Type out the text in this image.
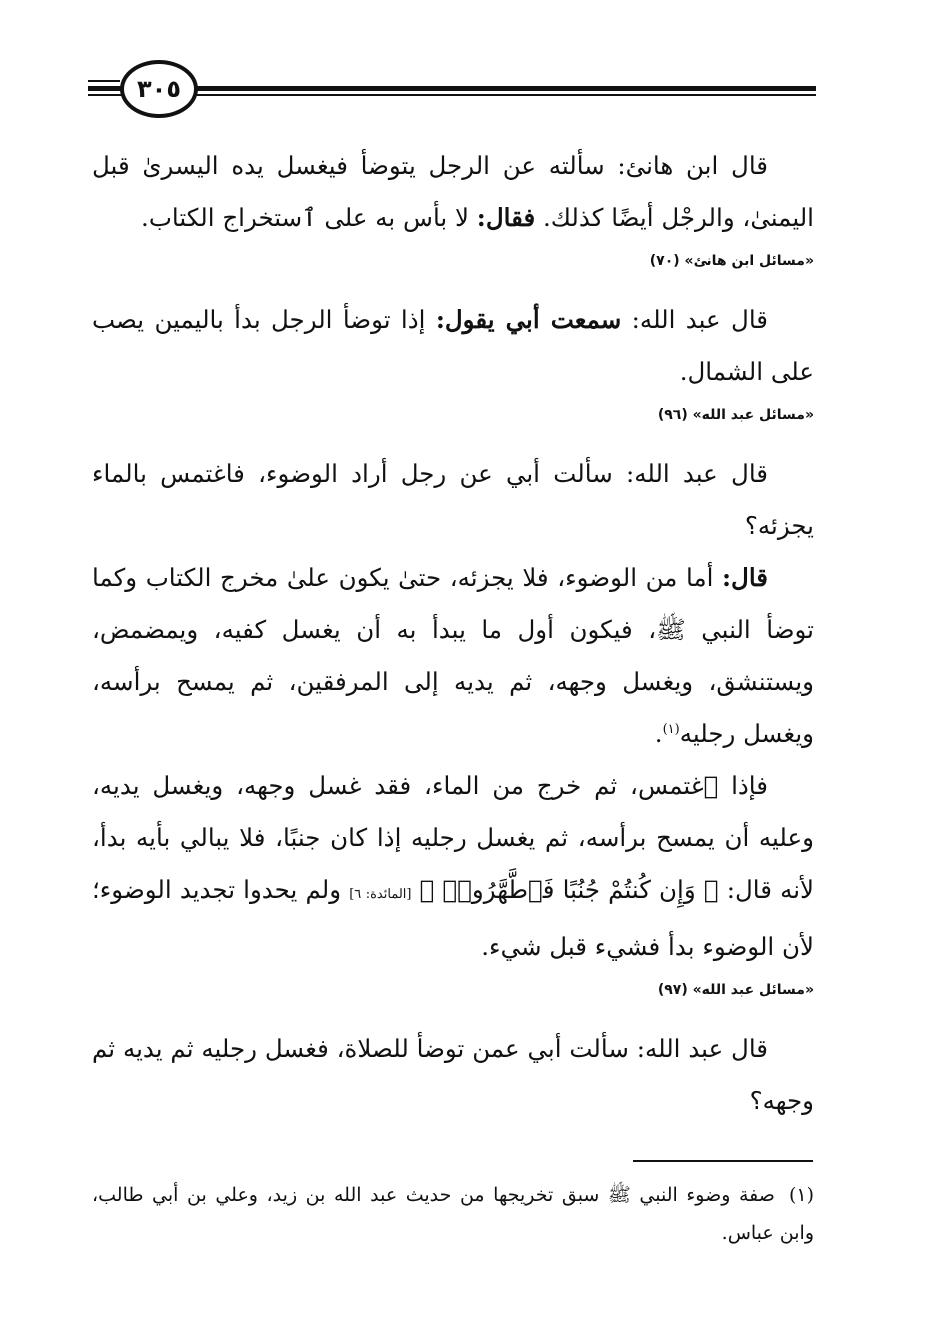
٣٠٥

قال ابن هانئ: سألته عن الرجل يتوضأ فيغسل يده اليسرىٰ قبل اليمنىٰ، والرجْل أيضًا كذلك. فقال: لا بأس به على ٱستخراج الكتاب.

«مسائل ابن هانئ» (٧٠)

قال عبد الله: سمعت أبي يقول: إذا توضأ الرجل بدأ باليمين يصب على الشمال.

«مسائل عبد الله» (٩٦)

قال عبد الله: سألت أبي عن رجل أراد الوضوء، فاغتمس بالماء يجزئه؟

قال: أما من الوضوء، فلا يجزئه، حتىٰ يكون علىٰ مخرج الكتاب وكما توضأ النبي ﷺ، فيكون أول ما يبدأ به أن يغسل كفيه، ويمضمض، ويستنشق، ويغسل وجهه، ثم يديه إلى المرفقين، ثم يمسح برأسه، ويغسل رجليه$^{(١)}$.

فإذا ٱغتمس، ثم خرج من الماء، فقد غسل وجهه، ويغسل يديه، وعليه أن يمسح برأسه، ثم يغسل رجليه إذا كان جنبًا، فلا يبالي بأيه بدأ، لأنه قال: ﴿ وَإِن كُنتُمْ جُنُبًا فَٱطَّهَّرُوا۟ ﴾ [المائدة: ٦] ولم يحدوا تجديد الوضوء؛ لأن الوضوء بدأ فشيء قبل شيء.

«مسائل عبد الله» (٩٧)

قال عبد الله: سألت أبي عمن توضأ للصلاة، فغسل رجليه ثم يديه ثم وجهه؟

(١)صفة وضوء النبي ﷺ سبق تخريجها من حديث عبد الله بن زيد، وعلي بن أبي طالب، وابن عباس.
